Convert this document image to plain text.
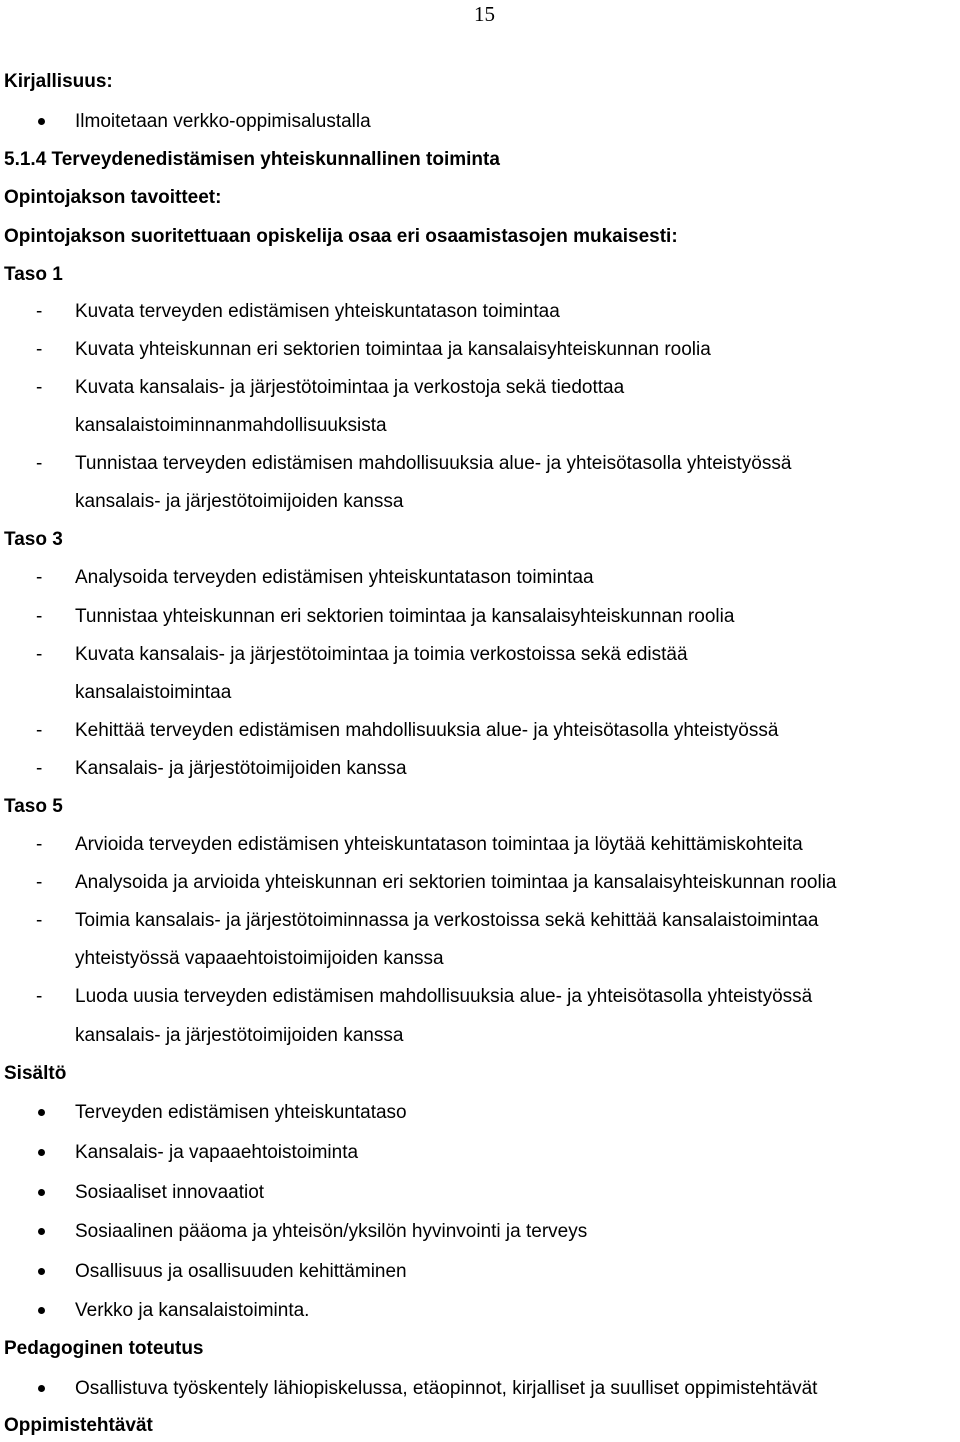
15
Kirjallisuus:
Ilmoitetaan verkko-oppimisalustalla
5.1.4 Terveydenedistämisen yhteiskunnallinen toiminta
Opintojakson tavoitteet:
Opintojakson suoritettuaan opiskelija osaa eri osaamistasojen mukaisesti:
Taso 1
- Kuvata terveyden edistämisen yhteiskuntatason toimintaa
- Kuvata yhteiskunnan eri sektorien toimintaa ja kansalaisyhteiskunnan roolia
- Kuvata kansalais- ja järjestötoimintaa ja verkostoja sekä tiedottaa
kansalaistoiminnanmahdollisuuksista
- Tunnistaa terveyden edistämisen mahdollisuuksia alue- ja yhteisötasolla yhteistyössä
kansalais- ja järjestötoimijoiden kanssa
Taso 3
- Analysoida terveyden edistämisen yhteiskuntatason toimintaa
- Tunnistaa yhteiskunnan eri sektorien toimintaa ja kansalaisyhteiskunnan roolia
- Kuvata kansalais- ja järjestötoimintaa ja toimia verkostoissa sekä edistää
kansalaistoimintaa
- Kehittää terveyden edistämisen mahdollisuuksia alue- ja yhteisötasolla yhteistyössä
- Kansalais- ja järjestötoimijoiden kanssa
Taso 5
- Arvioida terveyden edistämisen yhteiskuntatason toimintaa ja löytää kehittämiskohteita
- Analysoida ja arvioida yhteiskunnan eri sektorien toimintaa ja kansalaisyhteiskunnan roolia
- Toimia kansalais- ja järjestötoiminnassa ja verkostoissa sekä kehittää kansalaistoimintaa
yhteistyössä vapaaehtoistoimijoiden kanssa
- Luoda uusia terveyden edistämisen mahdollisuuksia alue- ja yhteisötasolla yhteistyössä
kansalais- ja järjestötoimijoiden kanssa
Sisältö
Terveyden edistämisen yhteiskuntataso
Kansalais- ja vapaaehtoistoiminta
Sosiaaliset innovaatiot
Sosiaalinen pääoma ja yhteisön/yksilön hyvinvointi ja terveys
Osallisuus ja osallisuuden kehittäminen
Verkko ja kansalaistoiminta.
Pedagoginen toteutus
Osallistuva työskentely lähiopiskelussa, etäopinnot, kirjalliset ja suulliset oppimistehtävät
Oppimistehtävät
